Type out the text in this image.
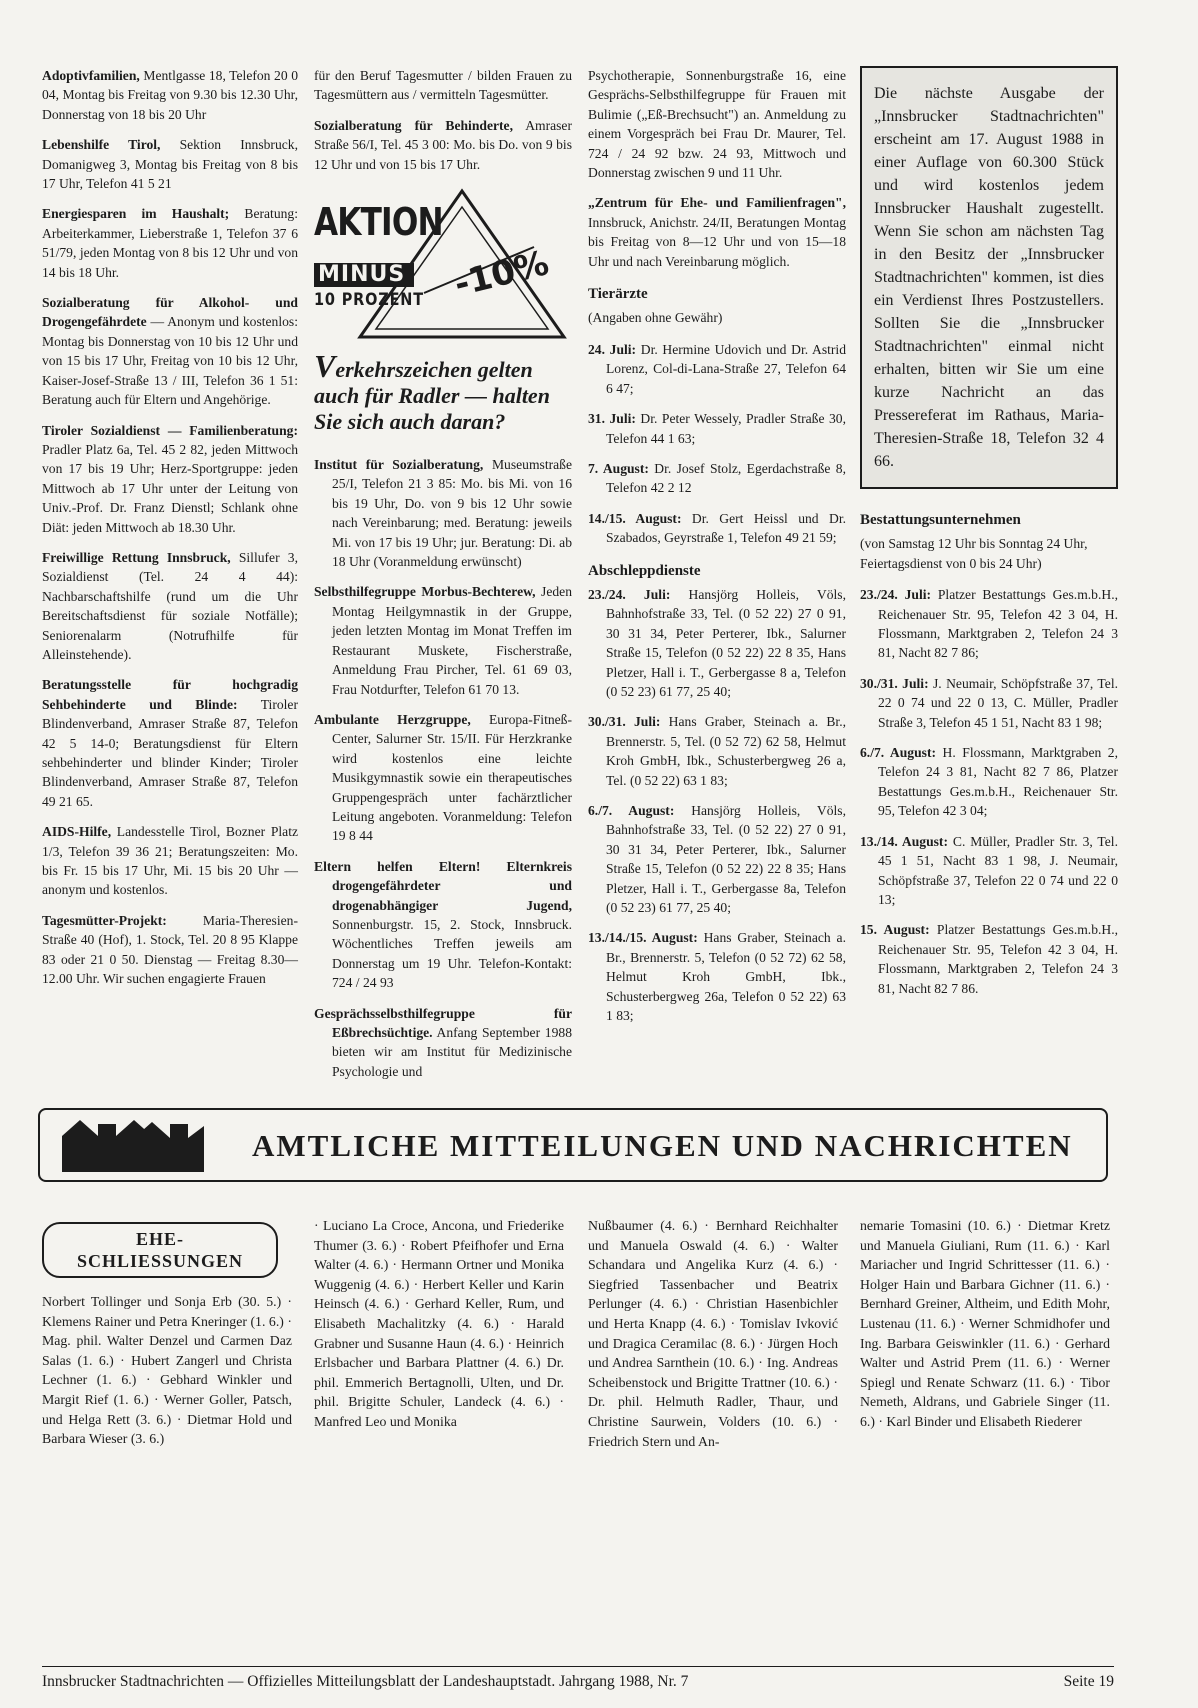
Adoptivfamilien, Mentlgasse 18, Telefon 20 0 04, Montag bis Freitag von 9.30 bis 12.30 Uhr, Donnerstag von 18 bis 20 Uhr
Lebenshilfe Tirol, Sektion Innsbruck, Domanigweg 3, Montag bis Freitag von 8 bis 17 Uhr, Telefon 41 5 21
Energiesparen im Haushalt; Beratung: Arbeiterkammer, Lieberstraße 1, Telefon 37 6 51/79, jeden Montag von 8 bis 12 Uhr und von 14 bis 18 Uhr.
Sozialberatung für Alkohol- und Drogengefährdete — Anonym und kostenlos: Montag bis Donnerstag von 10 bis 12 Uhr und von 15 bis 17 Uhr, Freitag von 10 bis 12 Uhr, Kaiser-Josef-Straße 13 / III, Telefon 36 1 51: Beratung auch für Eltern und Angehörige.
Tiroler Sozialdienst — Familienberatung: Pradler Platz 6a, Tel. 45 2 82, jeden Mittwoch von 17 bis 19 Uhr; Herz-Sportgruppe: jeden Mittwoch ab 17 Uhr unter der Leitung von Univ.-Prof. Dr. Franz Dienstl; Schlank ohne Diät: jeden Mittwoch ab 18.30 Uhr.
Freiwillige Rettung Innsbruck, Sillufer 3, Sozialdienst (Tel. 24 4 44): Nachbarschaftshilfe (rund um die Uhr Bereitschaftsdienst für soziale Notfälle); Seniorenalarm (Notrufhilfe für Alleinstehende).
Beratungsstelle für hochgradig Sehbehinderte und Blinde: Tiroler Blindenverband, Amraser Straße 87, Telefon 42 5 14-0; Beratungsdienst für Eltern sehbehinderter und blinder Kinder; Tiroler Blindenverband, Amraser Straße 87, Telefon 49 21 65.
AIDS-Hilfe, Landesstelle Tirol, Bozner Platz 1/3, Telefon 39 36 21; Beratungszeiten: Mo. bis Fr. 15 bis 17 Uhr, Mi. 15 bis 20 Uhr — anonym und kostenlos.
Tagesmütter-Projekt: Maria-Theresien-Straße 40 (Hof), 1. Stock, Tel. 20 8 95 Klappe 83 oder 21 0 50. Dienstag — Freitag 8.30—12.00 Uhr. Wir suchen engagierte Frauen
für den Beruf Tagesmutter / bilden Frauen zu Tagesmüttern aus / vermitteln Tagesmütter.
Sozialberatung für Behinderte, Amraser Straße 56/I, Tel. 45 3 00: Mo. bis Do. von 9 bis 12 Uhr und von 15 bis 17 Uhr.
AKTION
MINUS
10 PROZENT -10%
Verkehrszeichen gelten auch für Radler — halten Sie sich auch daran?
Institut für Sozialberatung, Museumstraße 25/I, Telefon 21 3 85: Mo. bis Mi. von 16 bis 19 Uhr, Do. von 9 bis 12 Uhr sowie nach Vereinbarung; med. Beratung: jeweils Mi. von 17 bis 19 Uhr; jur. Beratung: Di. ab 18 Uhr (Voranmeldung erwünscht)
Selbsthilfegruppe Morbus-Bechterew, Jeden Montag Heilgymnastik in der Gruppe, jeden letzten Montag im Monat Treffen im Restaurant Muskete, Fischerstraße, Anmeldung Frau Pircher, Tel. 61 69 03, Frau Notdurfter, Telefon 61 70 13.
Ambulante Herzgruppe, Europa-Fitneß-Center, Salurner Str. 15/II. Für Herzkranke wird kostenlos eine leichte Musikgymnastik sowie ein therapeutisches Gruppengespräch unter fachärztlicher Leitung angeboten. Voranmeldung: Telefon 19 8 44
Eltern helfen Eltern! Elternkreis drogengefährdeter und drogenabhängiger Jugend, Sonnenburgstr. 15, 2. Stock, Innsbruck. Wöchentliches Treffen jeweils am Donnerstag um 19 Uhr. Telefon-Kontakt: 724 / 24 93
Gesprächsselbsthilfegruppe für Eßbrechsüchtige. Anfang September 1988 bieten wir am Institut für Medizinische Psychologie und
Psychotherapie, Sonnenburgstraße 16, eine Gesprächs-Selbsthilfegruppe für Frauen mit Bulimie („Eß-Brechsucht") an. Anmeldung zu einem Vorgespräch bei Frau Dr. Maurer, Tel. 724 / 24 92 bzw. 24 93, Mittwoch und Donnerstag zwischen 9 und 11 Uhr.
„Zentrum für Ehe- und Familienfragen", Innsbruck, Anichstr. 24/II, Beratungen Montag bis Freitag von 8—12 Uhr und von 15—18 Uhr und nach Vereinbarung möglich.
Tierärzte
(Angaben ohne Gewähr)
24. Juli: Dr. Hermine Udovich und Dr. Astrid Lorenz, Col-di-Lana-Straße 27, Telefon 64 6 47;
31. Juli: Dr. Peter Wessely, Pradler Straße 30, Telefon 44 1 63;
7. August: Dr. Josef Stolz, Egerdachstraße 8, Telefon 42 2 12
14./15. August: Dr. Gert Heissl und Dr. Szabados, Geyrstraße 1, Telefon 49 21 59;
Abschleppdienste
23./24. Juli: Hansjörg Holleis, Völs, Bahnhofstraße 33, Tel. (0 52 22) 27 0 91, 30 31 34, Peter Perterer, Ibk., Salurner Straße 15, Telefon (0 52 22) 22 8 35, Hans Pletzer, Hall i. T., Gerbergasse 8 a, Telefon (0 52 23) 61 77, 25 40;
30./31. Juli: Hans Graber, Steinach a. Br., Brennerstr. 5, Tel. (0 52 72) 62 58, Helmut Kroh GmbH, Ibk., Schusterbergweg 26 a, Tel. (0 52 22) 63 1 83;
6./7. August: Hansjörg Holleis, Völs, Bahnhofstraße 33, Tel. (0 52 22) 27 0 91, 30 31 34, Peter Perterer, Ibk., Salurner Straße 15, Telefon (0 52 22) 22 8 35; Hans Pletzer, Hall i. T., Gerbergasse 8a, Telefon (0 52 23) 61 77, 25 40;
13./14./15. August: Hans Graber, Steinach a. Br., Brennerstr. 5, Telefon (0 52 72) 62 58, Helmut Kroh GmbH, Ibk., Schusterbergweg 26a, Telefon 0 52 22) 63 1 83;
Die nächste Ausgabe der „Innsbrucker Stadtnachrichten" erscheint am 17. August 1988 in einer Auflage von 60.300 Stück und wird kostenlos jedem Innsbrucker Haushalt zugestellt. Wenn Sie schon am nächsten Tag in den Besitz der „Innsbrucker Stadtnachrichten" kommen, ist dies ein Verdienst Ihres Postzustellers. Sollten Sie die „Innsbrucker Stadtnachrichten" einmal nicht erhalten, bitten wir Sie um eine kurze Nachricht an das Pressereferat im Rathaus, Maria-Theresien-Straße 18, Telefon 32 4 66.
Bestattungsunternehmen
(von Samstag 12 Uhr bis Sonntag 24 Uhr, Feiertagsdienst von 0 bis 24 Uhr)
23./24. Juli: Platzer Bestattungs Ges.m.b.H., Reichenauer Str. 95, Telefon 42 3 04, H. Flossmann, Marktgraben 2, Telefon 24 3 81, Nacht 82 7 86;
30./31. Juli: J. Neumair, Schöpfstraße 37, Tel. 22 0 74 und 22 0 13, C. Müller, Pradler Straße 3, Telefon 45 1 51, Nacht 83 1 98;
6./7. August: H. Flossmann, Marktgraben 2, Telefon 24 3 81, Nacht 82 7 86, Platzer Bestattungs Ges.m.b.H., Reichenauer Str. 95, Telefon 42 3 04;
13./14. August: C. Müller, Pradler Str. 3, Tel. 45 1 51, Nacht 83 1 98, J. Neumair, Schöpfstraße 37, Telefon 22 0 74 und 22 0 13;
15. August: Platzer Bestattungs Ges.m.b.H., Reichenauer Str. 95, Telefon 42 3 04, H. Flossmann, Marktgraben 2, Telefon 24 3 81, Nacht 82 7 86.
AMTLICHE MITTEILUNGEN UND NACHRICHTEN
EHE-
SCHLIESSUNGEN
Norbert Tollinger und Sonja Erb (30. 5.) · Klemens Rainer und Petra Kneringer (1. 6.) · Mag. phil. Walter Denzel und Carmen Daz Salas (1. 6.) · Hubert Zangerl und Christa Lechner (1. 6.) · Gebhard Winkler und Margit Rief (1. 6.) · Werner Goller, Patsch, und Helga Rett (3. 6.) · Dietmar Hold und Barbara Wieser (3. 6.)
· Luciano La Croce, Ancona, und Friederike Thumer (3. 6.) · Robert Pfeifhofer und Erna Walter (4. 6.) · Hermann Ortner und Monika Wuggenig (4. 6.) · Herbert Keller und Karin Heinsch (4. 6.) · Gerhard Keller, Rum, und Elisabeth Machalitzky (4. 6.) · Harald Grabner und Susanne Haun (4. 6.) · Heinrich Erlsbacher und Barbara Plattner (4. 6.) Dr. phil. Emmerich Bertagnolli, Ulten, und Dr. phil. Brigitte Schuler, Landeck (4. 6.) · Manfred Leo und Monika
Nußbaumer (4. 6.) · Bernhard Reichhalter und Manuela Oswald (4. 6.) · Walter Schandara und Angelika Kurz (4. 6.) · Siegfried Tassenbacher und Beatrix Perlunger (4. 6.) · Christian Hasenbichler und Herta Knapp (4. 6.) · Tomislav Ivković und Dragica Ceramilac (8. 6.) · Jürgen Hoch und Andrea Sarnthein (10. 6.) · Ing. Andreas Scheibenstock und Brigitte Trattner (10. 6.) · Dr. phil. Helmuth Radler, Thaur, und Christine Saurwein, Volders (10. 6.) · Friedrich Stern und An-
nemarie Tomasini (10. 6.) · Dietmar Kretz und Manuela Giuliani, Rum (11. 6.) · Karl Mariacher und Ingrid Schrittesser (11. 6.) · Holger Hain und Barbara Gichner (11. 6.) · Bernhard Greiner, Altheim, und Edith Mohr, Lustenau (11. 6.) · Werner Schmidhofer und Ing. Barbara Geiswinkler (11. 6.) · Gerhard Walter und Astrid Prem (11. 6.) · Werner Spiegl und Renate Schwarz (11. 6.) · Tibor Nemeth, Aldrans, und Gabriele Singer (11. 6.) · Karl Binder und Elisabeth Riederer
Innsbrucker Stadtnachrichten — Offizielles Mitteilungsblatt der Landeshauptstadt. Jahrgang 1988, Nr. 7	Seite 19
